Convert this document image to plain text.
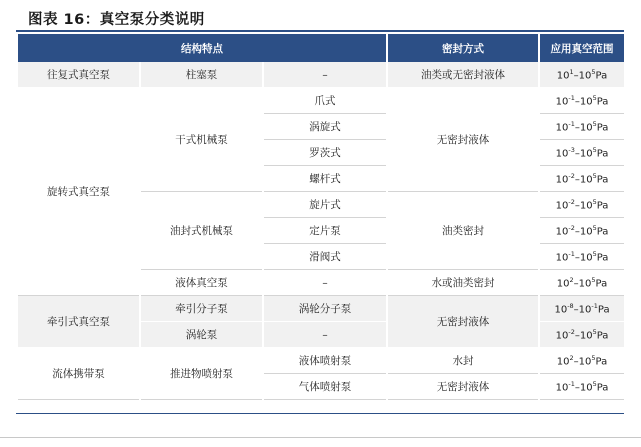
图表 16：真空泵分类说明
结构特点			密封方式	应用真空范围
往复式真空泵	柱塞泵	–	油类或无密封液体	$10^1-10^5Pa$
旋转式真空泵	干式机械泵	爪式	无密封液体	$10^{-1}-10^5Pa$
		涡旋式		$10^{-1}-10^5Pa$
		罗茨式		$10^{-3}-10^5Pa$
		螺杆式		$10^{-2}-10^5Pa$
	油封式机械泵	旋片式	油类密封	$10^{-2}-10^5Pa$
		定片泵		$10^{-2}-10^5Pa$
		滑阀式		$10^{-1}-10^5Pa$
	液体真空泵	–	水或油类密封	$10^2-10^5Pa$
牵引式真空泵	牵引分子泵	涡轮分子泵	无密封液体	$10^{-8}-10^{-1}Pa$
	涡轮泵	–		$10^{-2}-10^5Pa$
流体携带泵	推进物喷射泵	液体喷射泵	水封	$10^2-10^5Pa$
		气体喷射泵	无密封液体	$10^{-1}-10^5Pa$
